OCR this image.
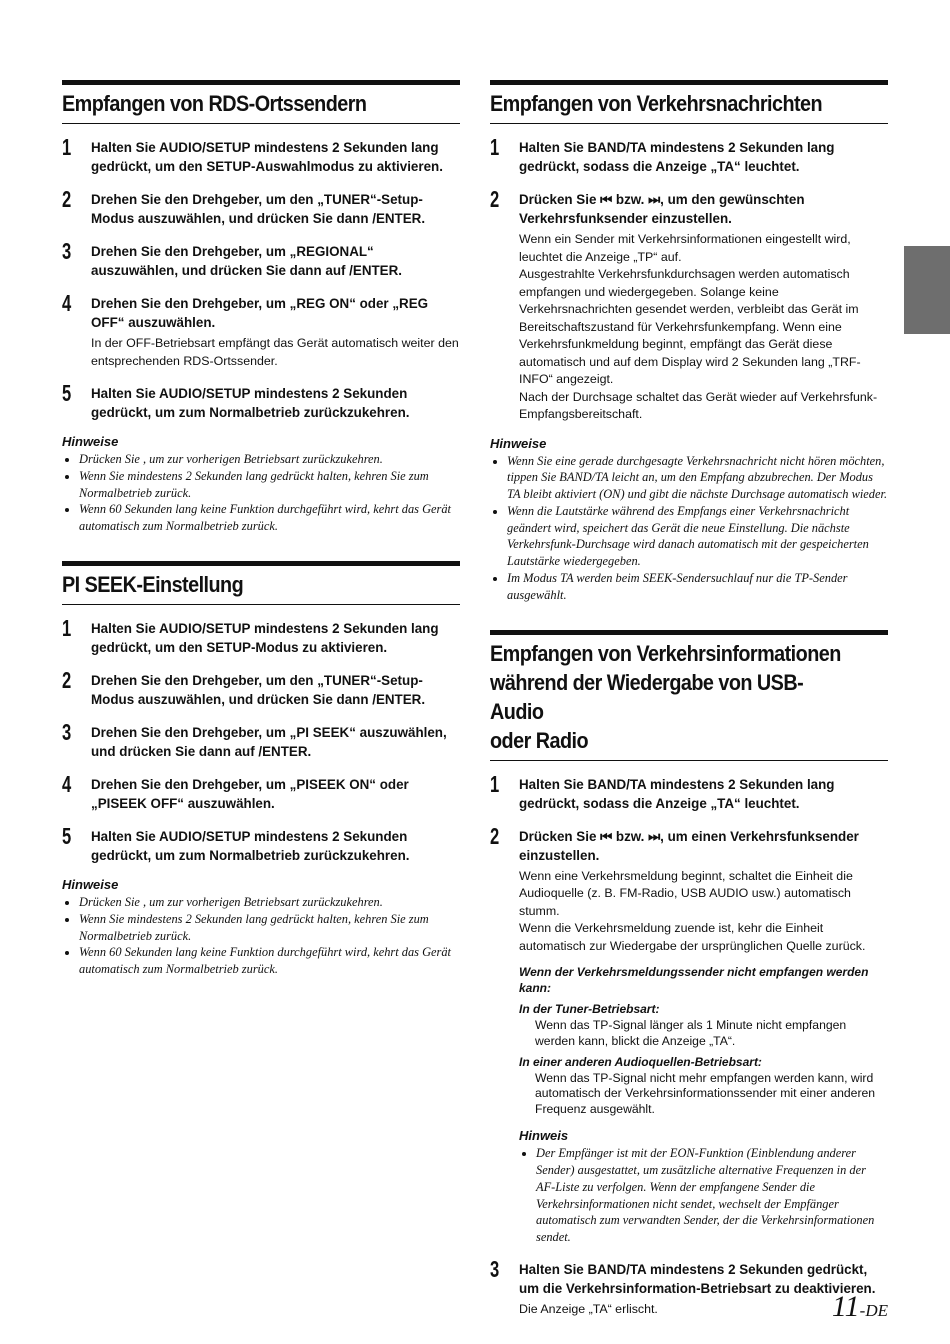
Empfangen von RDS-Ortssendern
1 Halten Sie AUDIO/SETUP mindestens 2 Sekunden lang gedrückt, um den SETUP-Auswahlmodus zu aktivieren.
2 Drehen Sie den Drehgeber, um den „TUNER“-Setup-Modus auszuwählen, und drücken Sie dann /ENTER.
3 Drehen Sie den Drehgeber, um „REGIONAL“ auszuwählen, und drücken Sie dann auf /ENTER.
4 Drehen Sie den Drehgeber, um „REG ON“ oder „REG OFF“ auszuwählen.
In der OFF-Betriebsart empfängt das Gerät automatisch weiter den entsprechenden RDS-Ortssender.
5 Halten Sie AUDIO/SETUP mindestens 2 Sekunden gedrückt, um zum Normalbetrieb zurückzukehren.
Hinweise
• Drücken Sie , um zur vorherigen Betriebsart zurückzukehren.
• Wenn Sie mindestens 2 Sekunden lang gedrückt halten, kehren Sie zum Normalbetrieb zurück.
• Wenn 60 Sekunden lang keine Funktion durchgeführt wird, kehrt das Gerät automatisch zum Normalbetrieb zurück.
PI SEEK-Einstellung
1 Halten Sie AUDIO/SETUP mindestens 2 Sekunden lang gedrückt, um den SETUP-Modus zu aktivieren.
2 Drehen Sie den Drehgeber, um den „TUNER“-Setup-Modus auszuwählen, und drücken Sie dann /ENTER.
3 Drehen Sie den Drehgeber, um „PI SEEK“ auszuwählen, und drücken Sie dann auf /ENTER.
4 Drehen Sie den Drehgeber, um „PISEEK ON“ oder „PISEEK OFF“ auszuwählen.
5 Halten Sie AUDIO/SETUP mindestens 2 Sekunden gedrückt, um zum Normalbetrieb zurückzukehren.
Hinweise
• Drücken Sie , um zur vorherigen Betriebsart zurückzukehren.
• Wenn Sie mindestens 2 Sekunden lang gedrückt halten, kehren Sie zum Normalbetrieb zurück.
• Wenn 60 Sekunden lang keine Funktion durchgeführt wird, kehrt das Gerät automatisch zum Normalbetrieb zurück.
Empfangen von Verkehrsnachrichten
1 Halten Sie BAND/TA mindestens 2 Sekunden lang gedrückt, sodass die Anzeige „TA“ leuchtet.
2 Drücken Sie ⏮ bzw. ⏭, um den gewünschten Verkehrsfunksender einzustellen.
Wenn ein Sender mit Verkehrsinformationen eingestellt wird, leuchtet die Anzeige „TP“ auf.
Ausgestrahlte Verkehrsfunkdurchsagen werden automatisch empfangen und wiedergegeben. Solange keine Verkehrsnachrichten gesendet werden, verbleibt das Gerät im Bereitschaftszustand für Verkehrsfunkempfang. Wenn eine Verkehrsfunkmeldung beginnt, empfängt das Gerät diese automatisch und auf dem Display wird 2 Sekunden lang „TRF-INFO“ angezeigt.
Nach der Durchsage schaltet das Gerät wieder auf Verkehrsfunk-Empfangsbereitschaft.
Hinweise
• Wenn Sie eine gerade durchgesagte Verkehrsnachricht nicht hören möchten, tippen Sie BAND/TA leicht an, um den Empfang abzubrechen. Der Modus TA bleibt aktiviert (ON) und gibt die nächste Durchsage automatisch wieder.
• Wenn die Lautstärke während des Empfangs einer Verkehrsnachricht geändert wird, speichert das Gerät die neue Einstellung. Die nächste Verkehrsfunk-Durchsage wird danach automatisch mit der gespeicherten Lautstärke wiedergegeben.
• Im Modus TA werden beim SEEK-Sendersuchlauf nur die TP-Sender ausgewählt.
Empfangen von Verkehrsinformationen
während der Wiedergabe von USB-Audio
oder Radio
1 Halten Sie BAND/TA mindestens 2 Sekunden lang gedrückt, sodass die Anzeige „TA“ leuchtet.
2 Drücken Sie ⏮ bzw. ⏭, um einen Verkehrsfunksender einzustellen.
Wenn eine Verkehrsmeldung beginnt, schaltet die Einheit die Audioquelle (z. B. FM-Radio, USB AUDIO usw.) automatisch stumm.
Wenn die Verkehrsmeldung zuende ist, kehr die Einheit automatisch zur Wiedergabe der ursprünglichen Quelle zurück.
Wenn der Verkehrsmeldungssender nicht empfangen werden kann:
In der Tuner-Betriebsart:
Wenn das TP-Signal länger als 1 Minute nicht empfangen werden kann, blickt die Anzeige „TA“.
In einer anderen Audioquellen-Betriebsart:
Wenn das TP-Signal nicht mehr empfangen werden kann, wird automatisch der Verkehrsinformationssender mit einer anderen Frequenz ausgewählt.
Hinweis
• Der Empfänger ist mit der EON-Funktion (Einblendung anderer Sender) ausgestattet, um zusätzliche alternative Frequenzen in der AF-Liste zu verfolgen. Wenn der empfangene Sender die Verkehrsinformationen nicht sendet, wechselt der Empfänger automatisch zum verwandten Sender, der die Verkehrsinformationen sendet.
3 Halten Sie BAND/TA mindestens 2 Sekunden gedrückt, um die Verkehrsinformation-Betriebsart zu deaktivieren.
Die Anzeige „TA“ erlischt.	11-DE
